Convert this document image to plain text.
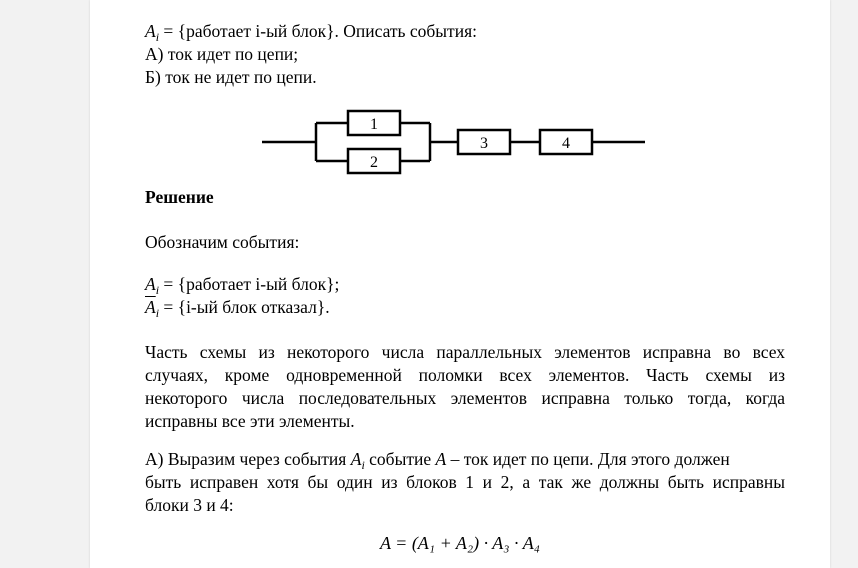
$A_i$ = {работает i-ый блок}. Описать события:
А) ток идет по цепи;
Б) ток не идет по цепи.
1
2
3	4
Решение
Обозначим события:
$A_i$ = {работает i-ый блок};
$\overline{A}_i = \{i-ый$ блок отказал}.
Часть схемы из некоторого числа параллельных элементов исправна во всех
случаях, кроме одновременной поломки всех элементов. Часть схемы из
некоторого числа последовательных элементов исправна только тогда, когда
исправны все эти элементы.
А) Выразим через события $A_i$ событие A – ток идет по цепи. Для этого должен
быть исправен хотя бы один из блоков 1 и 2, а так же должны быть исправны
блоки 3 и 4:
A = (A₁ + A₂) · A₃ · A₄
